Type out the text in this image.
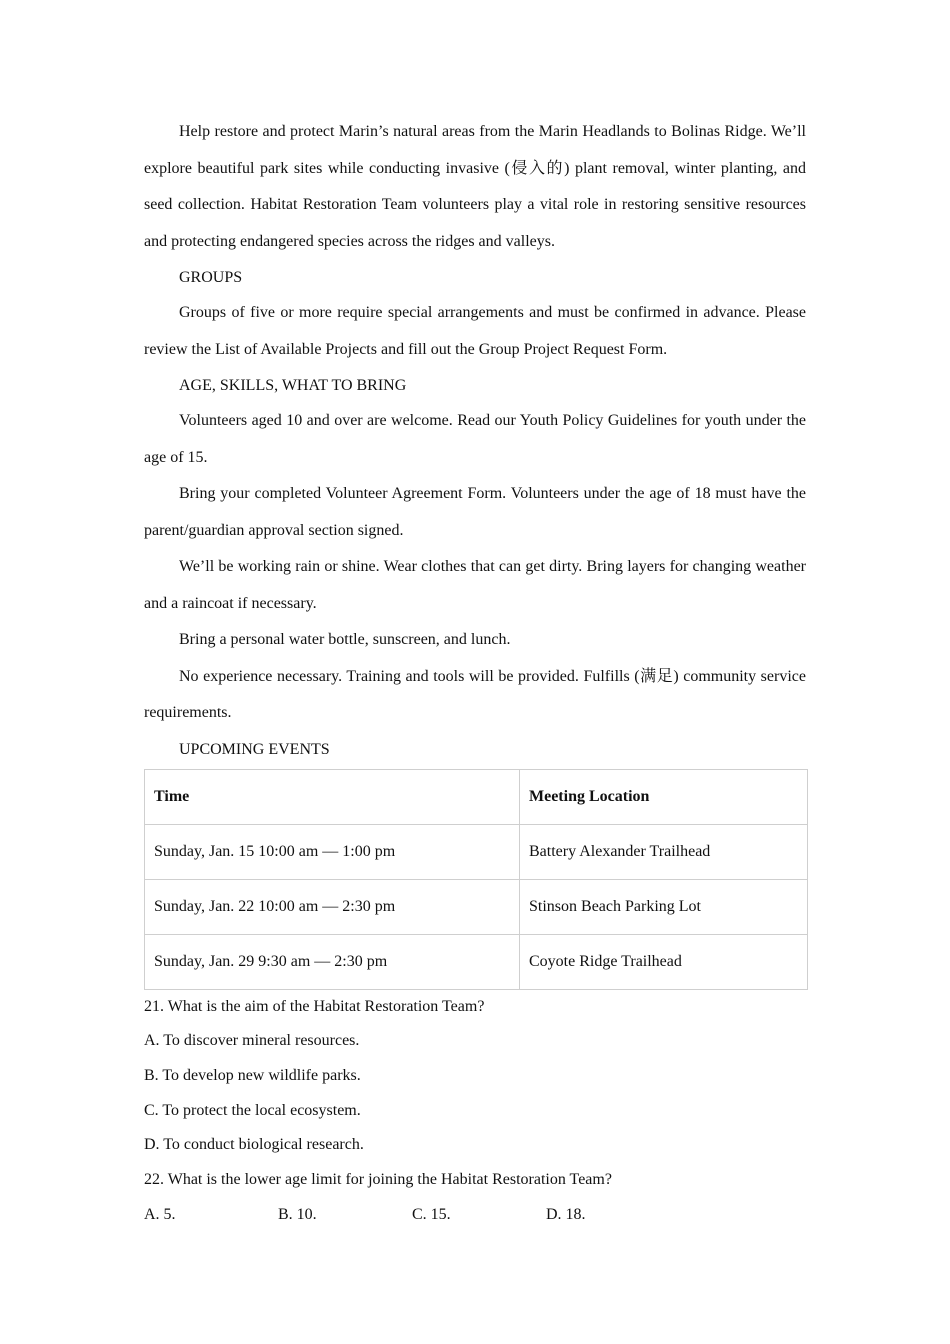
Help restore and protect Marin’s natural areas from the Marin Headlands to Bolinas Ridge. We’ll explore beautiful park sites while conducting invasive (侵入的) plant removal, winter planting, and seed collection. Habitat Restoration Team volunteers play a vital role in restoring sensitive resources and protecting endangered species across the ridges and valleys.

GROUPS

Groups of five or more require special arrangements and must be confirmed in advance. Please review the List of Available Projects and fill out the Group Project Request Form.

AGE, SKILLS, WHAT TO BRING

Volunteers aged 10 and over are welcome. Read our Youth Policy Guidelines for youth under the age of 15.

Bring your completed Volunteer Agreement Form. Volunteers under the age of 18 must have the parent/guardian approval section signed.

We’ll be working rain or shine. Wear clothes that can get dirty. Bring layers for changing weather and a raincoat if necessary.

Bring a personal water bottle, sunscreen, and lunch.

No experience necessary. Training and tools will be provided. Fulfills (满足) community service requirements.

UPCOMING EVENTS

Time	Meeting Location
Sunday, Jan. 15 10:00 am — 1:00 pm	Battery Alexander Trailhead
Sunday, Jan. 22 10:00 am — 2:30 pm	Stinson Beach Parking Lot
Sunday, Jan. 29 9:30 am — 2:30 pm	Coyote Ridge Trailhead

21. What is the aim of the Habitat Restoration Team?

A. To discover mineral resources.

B. To develop new wildlife parks.

C. To protect the local ecosystem.

D. To conduct biological research.

22. What is the lower age limit for joining the Habitat Restoration Team?

A. 5.	B. 10.	C. 15.	D. 18.
